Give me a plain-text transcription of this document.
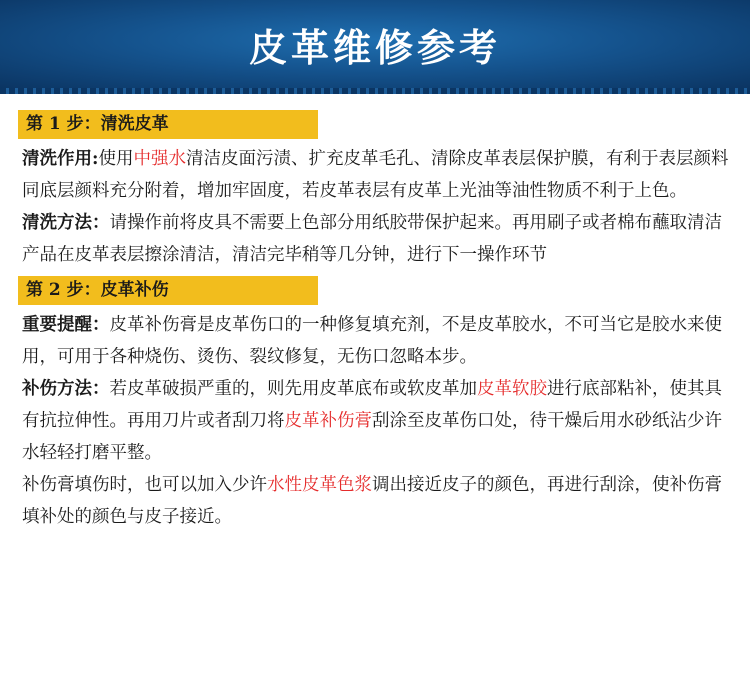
皮革维修参考
第 1 步：清洗皮革

清洗作用:使用中强水清洁皮面污渍、扩充皮革毛孔、清除皮革表层保护膜，有利于表层颜料同底层颜料充分附着，增加牢固度，若皮革表层有皮革上光油等油性物质不利于上色。

清洗方法：请操作前将皮具不需要上色部分用纸胶带保护起来。再用刷子或者棉布蘸取清洁产品在皮革表层擦涂清洁，清洁完毕稍等几分钟，进行下一操作环节

第 2 步：皮革补伤

重要提醒：皮革补伤膏是皮革伤口的一种修复填充剂，不是皮革胶水，不可当它是胶水来使用，可用于各种烧伤、烫伤、裂纹修复，无伤口忽略本步。

补伤方法：若皮革破损严重的，则先用皮革底布或软皮革加皮革软胶进行底部粘补，使其具有抗拉伸性。再用刀片或者刮刀将皮革补伤膏刮涂至皮革伤口处，待干燥后用水砂纸沾少许水轻轻打磨平整。

补伤膏填伤时，也可以加入少许水性皮革色浆调出接近皮子的颜色，再进行刮涂，使补伤膏填补处的颜色与皮子接近。
